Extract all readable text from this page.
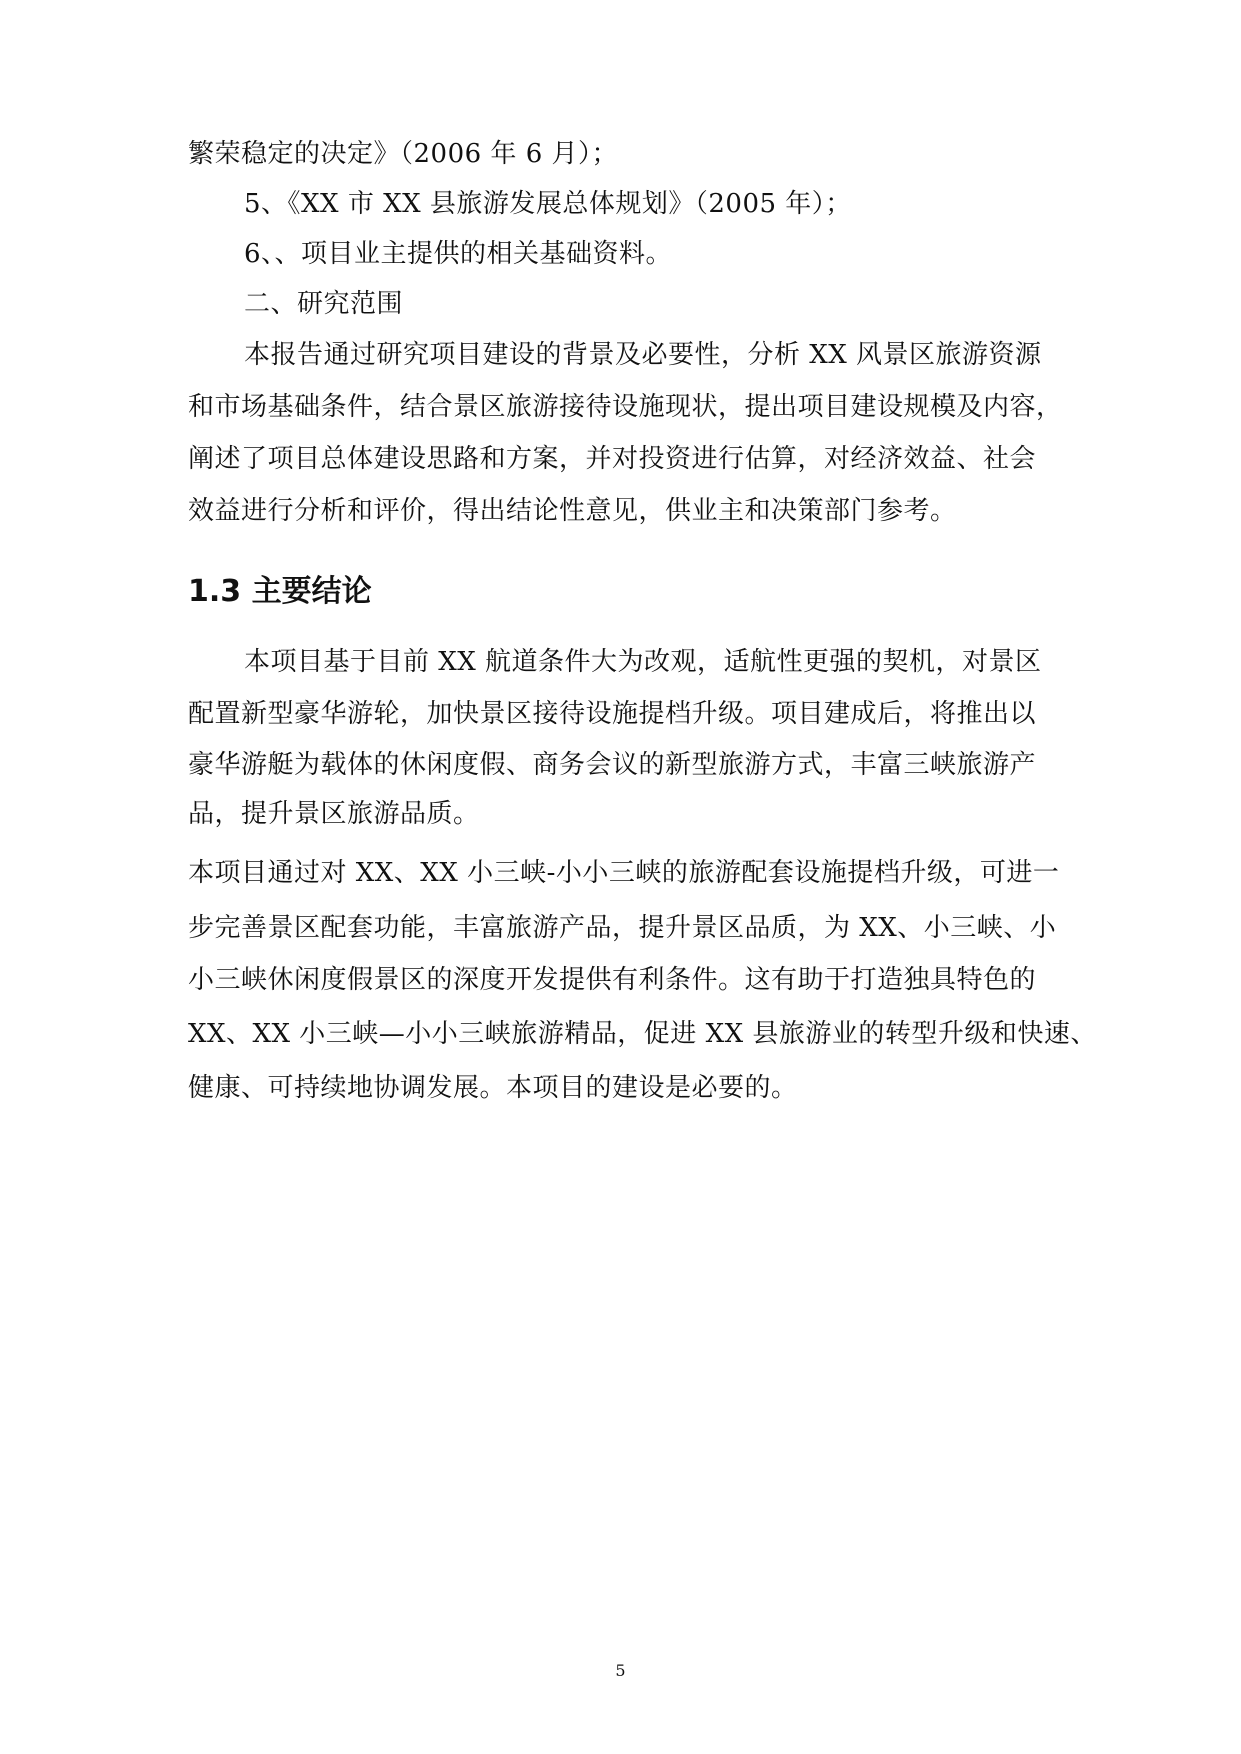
繁荣稳定的决定》（2006 年 6 月）；
5、《XX 市 XX 县旅游发展总体规划》（2005 年）；
6、、项目业主提供的相关基础资料。
二、研究范围
本报告通过研究项目建设的背景及必要性，分析 XX 风景区旅游资源
和市场基础条件，结合景区旅游接待设施现状，提出项目建设规模及内容，
阐述了项目总体建设思路和方案，并对投资进行估算，对经济效益、社会
效益进行分析和评价，得出结论性意见，供业主和决策部门参考。
1.3 主要结论
本项目基于目前 XX 航道条件大为改观，适航性更强的契机，对景区
配置新型豪华游轮，加快景区接待设施提档升级。项目建成后，将推出以
豪华游艇为载体的休闲度假、商务会议的新型旅游方式，丰富三峡旅游产
品，提升景区旅游品质。
本项目通过对 XX、XX 小三峡-小小三峡的旅游配套设施提档升级，可进一
步完善景区配套功能，丰富旅游产品，提升景区品质，为 XX、小三峡、小
小三峡休闲度假景区的深度开发提供有利条件。这有助于打造独具特色的
XX、XX 小三峡—小小三峡旅游精品，促进 XX 县旅游业的转型升级和快速、
健康、可持续地协调发展。本项目的建设是必要的。
5
